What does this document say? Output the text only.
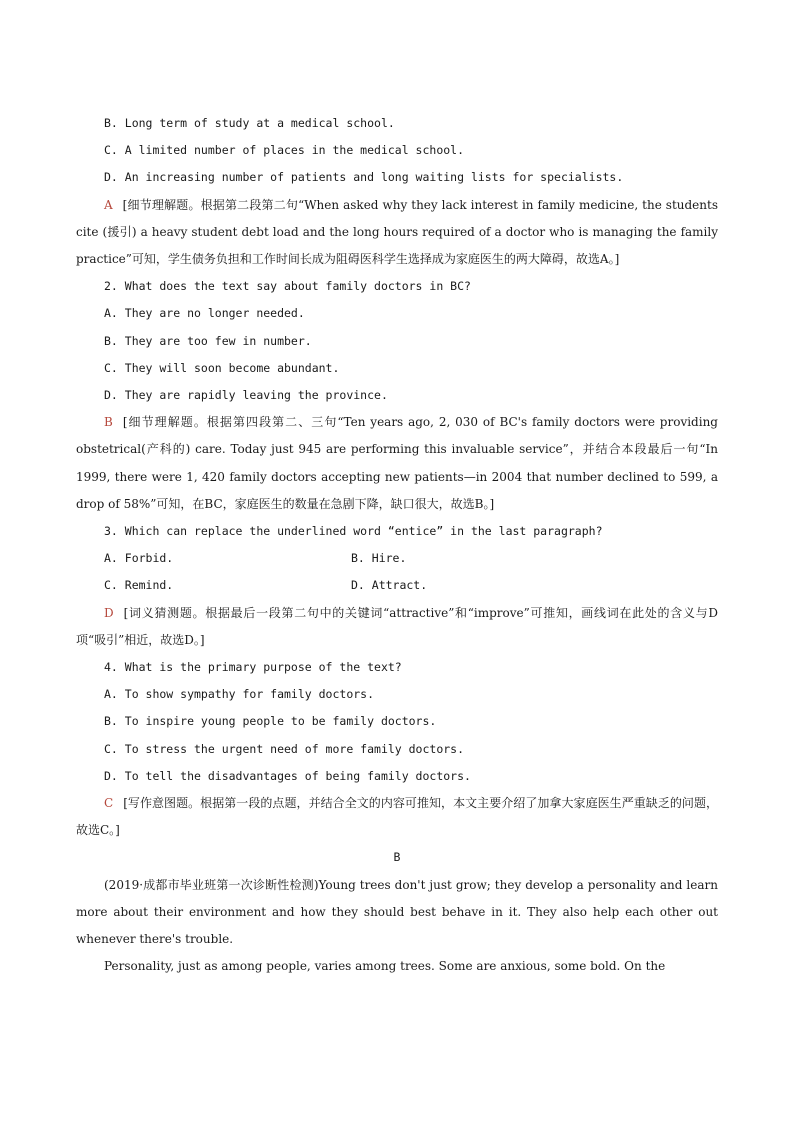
B. Long term of study at a medical school.
C. A limited number of places in the medical school.
D. An increasing number of patients and long waiting lists for specialists.
A [细节理解题。根据第二段第二句“When asked why they lack interest in family medicine, the students cite (援引) a heavy student debt load and the long hours required of a doctor who is managing the family practice”可知，学生债务负担和工作时间长成为阻碍医科学生选择成为家庭医生的两大障碍，故选A。]
2. What does the text say about family doctors in BC?
A. They are no longer needed.
B. They are too few in number.
C. They will soon become abundant.
D. They are rapidly leaving the province.
B [细节理解题。根据第四段第二、三句“Ten years ago, 2, 030 of BC's family doctors were providing obstetrical(产科的) care. Today just 945 are performing this invaluable service”，并结合本段最后一句“In 1999, there were 1, 420 family doctors accepting new patients—in 2004 that number declined to 599, a drop of 58%”可知，在BC，家庭医生的数量在急剧下降，缺口很大，故选B。]
3. Which can replace the underlined word “entice” in the last paragraph?
A. Forbid.	B. Hire.
C. Remind.	D. Attract.
D [词义猜测题。根据最后一段第二句中的关键词“attractive”和“improve”可推知，画线词在此处的含义与D项“吸引”相近，故选D。]
4. What is the primary purpose of the text?
A. To show sympathy for family doctors.
B. To inspire young people to be family doctors.
C. To stress the urgent need of more family doctors.
D. To tell the disadvantages of being family doctors.
C [写作意图题。根据第一段的点题，并结合全文的内容可推知，本文主要介绍了加拿大家庭医生严重缺乏的问题，故选C。]
B
(2019·成都市毕业班第一次诊断性检测)Young trees don't just grow; they develop a personality and learn more about their environment and how they should best behave in it. They also help each other out whenever there's trouble.
Personality, just as among people, varies among trees. Some are anxious, some bold. On the
